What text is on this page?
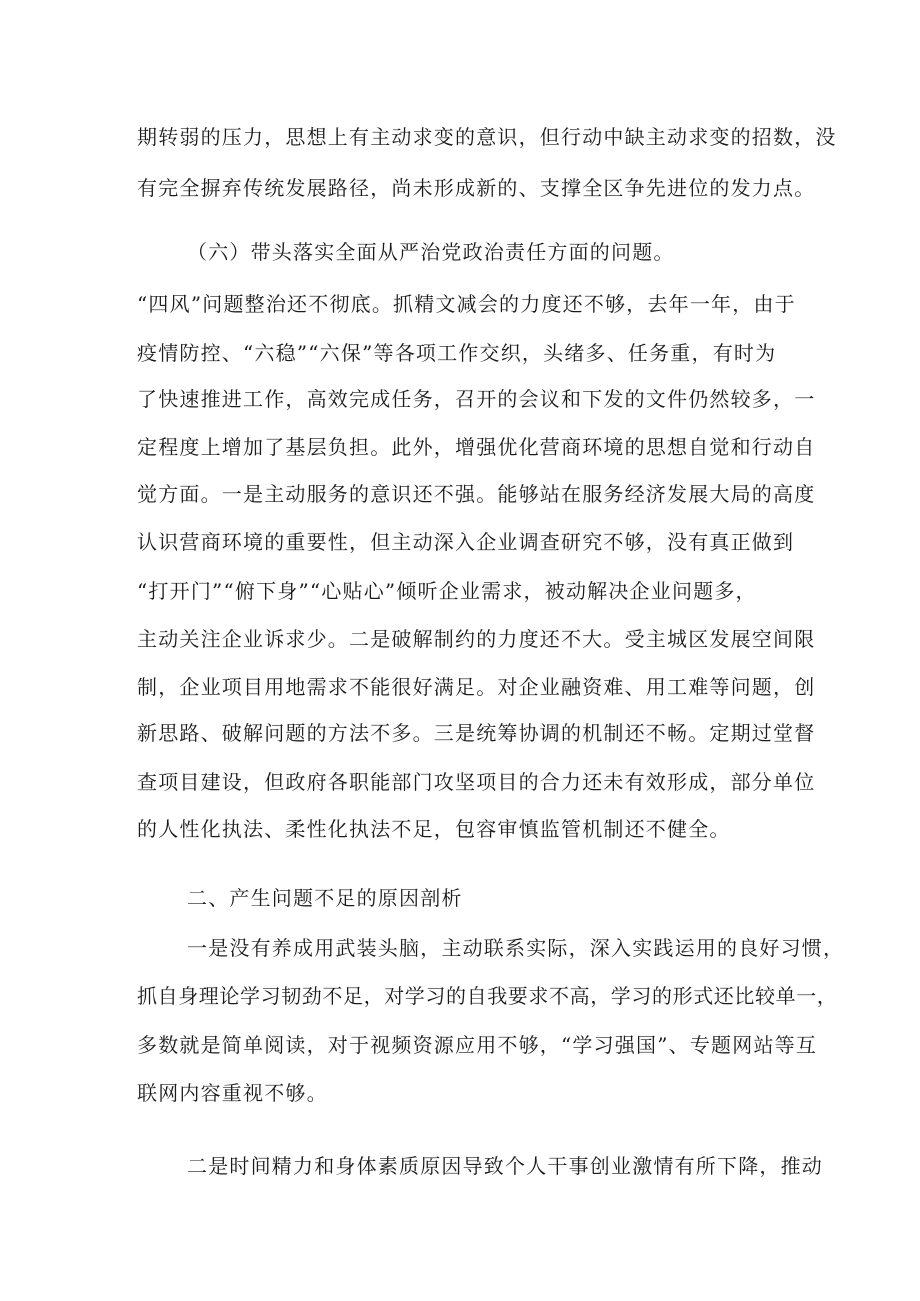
期转弱的压力，思想上有主动求变的意识，但行动中缺主动求变的招数，没
有完全摒弃传统发展路径，尚未形成新的、支撑全区争先进位的发力点。
（六）带头落实全面从严治党政治责任方面的问题。
“四风”问题整治还不彻底。抓精文减会的力度还不够，去年一年，由于
疫情防控、“六稳”“六保”等各项工作交织，头绪多、任务重，有时为
了快速推进工作，高效完成任务，召开的会议和下发的文件仍然较多，一
定程度上增加了基层负担。此外，增强优化营商环境的思想自觉和行动自
觉方面。一是主动服务的意识还不强。能够站在服务经济发展大局的高度
认识营商环境的重要性，但主动深入企业调查研究不够，没有真正做到
“打开门”“俯下身”“心贴心”倾听企业需求，被动解决企业问题多，
主动关注企业诉求少。二是破解制约的力度还不大。受主城区发展空间限
制，企业项目用地需求不能很好满足。对企业融资难、用工难等问题，创
新思路、破解问题的方法不多。三是统筹协调的机制还不畅。定期过堂督
查项目建设，但政府各职能部门攻坚项目的合力还未有效形成，部分单位
的人性化执法、柔性化执法不足，包容审慎监管机制还不健全。
二、产生问题不足的原因剖析
一是没有养成用武装头脑，主动联系实际，深入实践运用的良好习惯，
抓自身理论学习韧劲不足，对学习的自我要求不高，学习的形式还比较单一，
多数就是简单阅读，对于视频资源应用不够，“学习强国”、专题网站等互
联网内容重视不够。
二是时间精力和身体素质原因导致个人干事创业激情有所下降，推动
